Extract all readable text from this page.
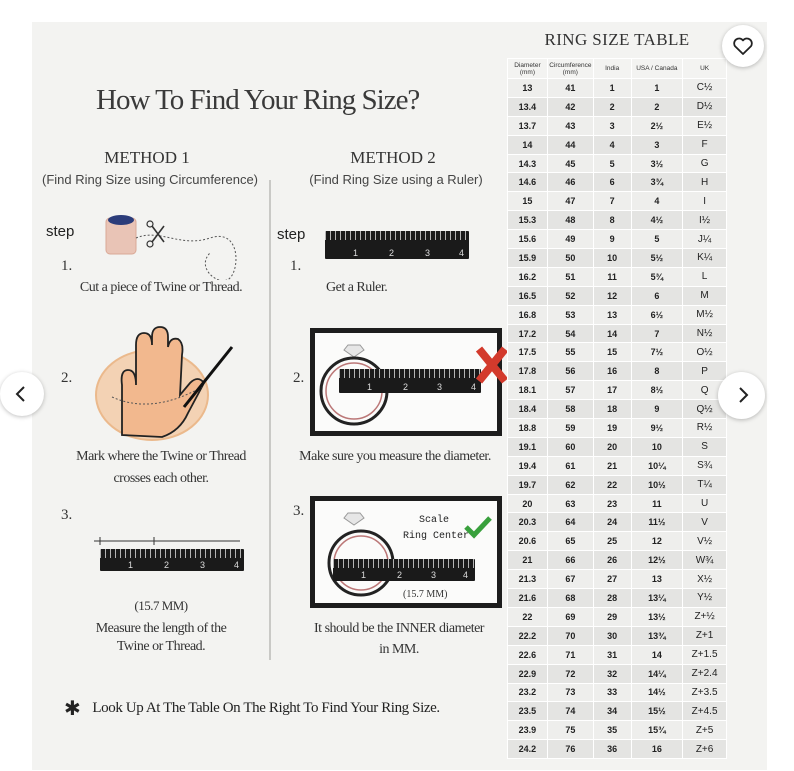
How To Find Your Ring Size?
METHOD 1
(Find Ring Size using Circumference)
METHOD 2
(Find Ring Size using a Ruler)
step
1.
Cut a piece of Twine or Thread.
2.
Mark where the Twine or Thread
crosses each other.
3.
1	2	3	4
(15.7 MM)
Measure the length of the
Twine or Thread.
step
1	2	3	4
1.
Get a Ruler.
2.
1	2	3	4
Make sure you measure the diameter.
3.
Scale
Ring Center
1	2	3	4
(15.7 MM)
It should be the INNER diameter
in MM.
✱ Look Up At The Table On The Right To Find Your Ring Size.
RING SIZE TABLE
Diameter (mm)	Circumference (mm)	India	USA / Canada	UK
13	41	1	1	C½
13.4	42	2	2	D½
13.7	43	3	2½	E½
14	44	4	3	F
14.3	45	5	3½	G
14.6	46	6	3¾	H
15	47	7	4	I
15.3	48	8	4½	I½
15.6	49	9	5	J¼
15.9	50	10	5½	K¼
16.2	51	11	5¾	L
16.5	52	12	6	M
16.8	53	13	6½	M½
17.2	54	14	7	N½
17.5	55	15	7½	O½
17.8	56	16	8	P
18.1	57	17	8½	Q
18.4	58	18	9	Q½
18.8	59	19	9½	R½
19.1	60	20	10	S
19.4	61	21	10¼	S¾
19.7	62	22	10½	T¼
20	63	23	11	U
20.3	64	24	11½	V
20.6	65	25	12	V½
21	66	26	12½	W¾
21.3	67	27	13	X½
21.6	68	28	13¼	Y½
22	69	29	13½	Z+½
22.2	70	30	13¾	Z+1
22.6	71	31	14	Z+1.5
22.9	72	32	14¼	Z+2.4
23.2	73	33	14½	Z+3.5
23.5	74	34	15½	Z+4.5
23.9	75	35	15¾	Z+5
24.2	76	36	16	Z+6
